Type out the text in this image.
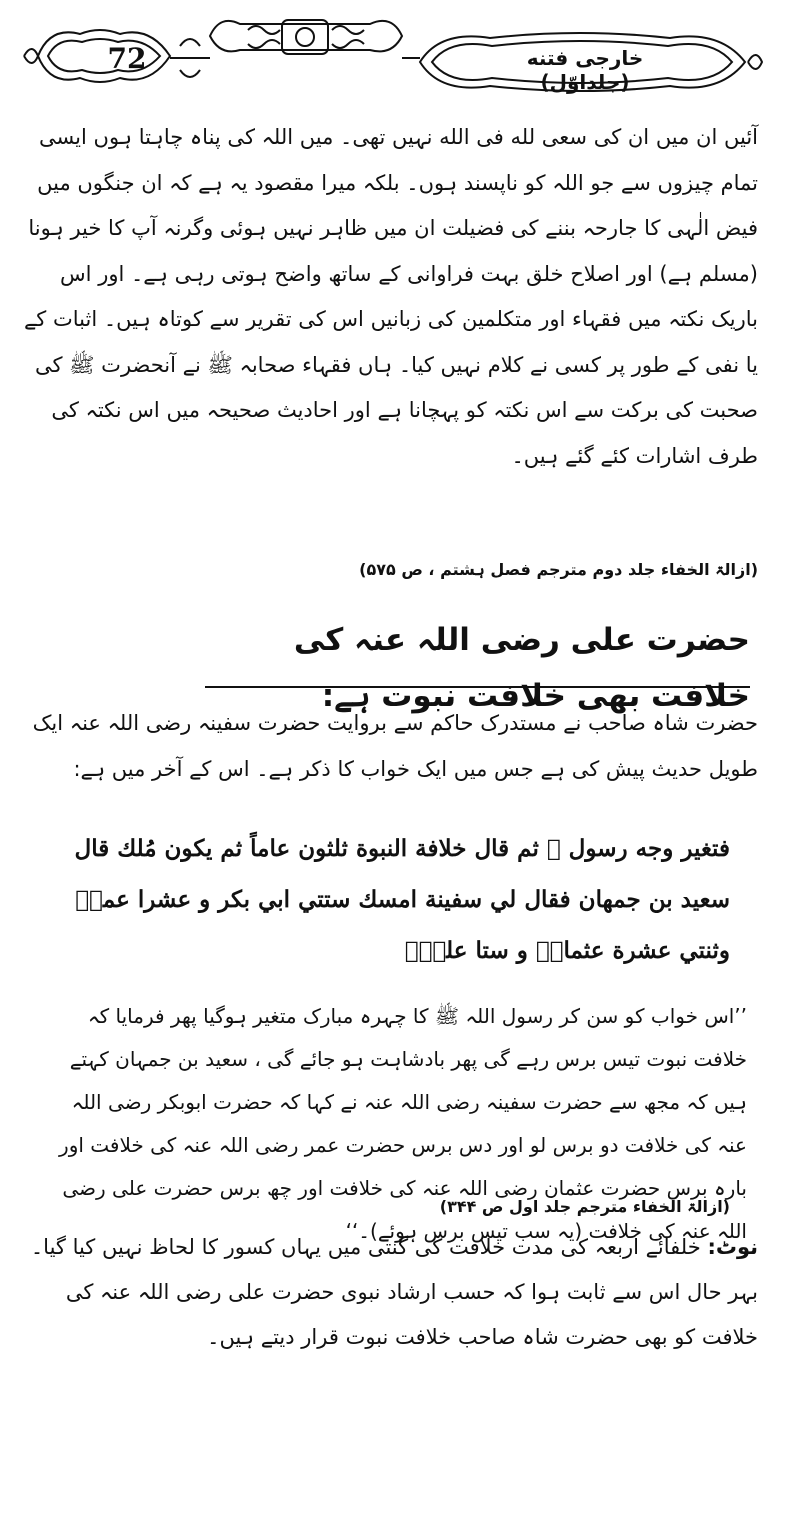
72	خارجی فتنه (جلداوّل)
آئیں ان میں ان کی سعی لله فی الله نہیں تھی۔ میں اللہ کی پناہ چاہتا ہوں ایسی تمام چیزوں سے جو اللہ کو ناپسند ہوں۔ بلکہ میرا مقصود یہ ہے کہ ان جنگوں میں فیض الٰہی کا جارحہ بننے کی فضیلت ان میں ظاہر نہیں ہوئی وگرنہ آپ کا خیر ہونا (مسلم ہے) اور اصلاح خلق بہت فراوانی کے ساتھ واضح ہوتی رہی ہے۔ اور اس باریک نکتہ میں فقہاء اور متکلمین کی زبانیں اس کی تقریر سے کوتاہ ہیں۔ اثبات کے یا نفی کے طور پر کسی نے کلام نہیں کیا۔ ہاں فقہاء صحابہ ﷺ نے آنحضرت ﷺ کی صحبت کی برکت سے اس نکتہ کو پہچانا ہے اور احادیث صحیحہ میں اس نکتہ کی طرف اشارات کئے گئے ہیں۔
(ازالۃ الخفاء جلد دوم مترجم فصل ہشتم ، ص ۵۷۵)
حضرت علی رضی اللہ عنہ کی خلافت بھی خلافت نبوت ہے:
حضرت شاہ صاحب نے مستدرک حاکم سے بروایت حضرت سفینہ رضی اللہ عنہ ایک طویل حدیث پیش کی ہے جس میں ایک خواب کا ذکر ہے۔ اس کے آخر میں ہے:
فتغير وجه رسول ﷺ ثم قال خلافة النبوة ثلثون عاماً ثم يكون مُلك قال سعيد بن جمهان فقال لي سفينة امسك ستتي ابي بكر و عشرا عمرؓ وثنتي عشرة عثمانؓ و ستا عليؓ۔
’’اس خواب کو سن کر رسول اللہ ﷺ کا چہرہ مبارک متغیر ہوگیا پھر فرمایا کہ خلافت نبوت تیس برس رہے گی پھر بادشاہت ہو جائے گی ، سعید بن جمہان کہتے ہیں کہ مجھ سے حضرت سفینہ رضی اللہ عنہ نے کہا کہ حضرت ابوبکر رضی اللہ عنہ کی خلافت دو برس لو اور دس برس حضرت عمر رضی اللہ عنہ کی خلافت اور بارہ برس حضرت عثمان رضی اللہ عنہ کی خلافت اور چھ برس حضرت علی رضی اللہ عنہ کی خلافت (یہ سب تیس برس ہوئے)۔‘‘
(ازالۃ الخفاء مترجم جلد اول ص ۳۴۴)
نوٹ: خلفائے اربعہ کی مدت خلافت کی گنتی میں یہاں کسور کا لحاظ نہیں کیا گیا۔ بہر حال اس سے ثابت ہوا کہ حسب ارشاد نبوی حضرت علی رضی اللہ عنہ کی خلافت کو بھی حضرت شاہ صاحب خلافت نبوت قرار دیتے ہیں۔
